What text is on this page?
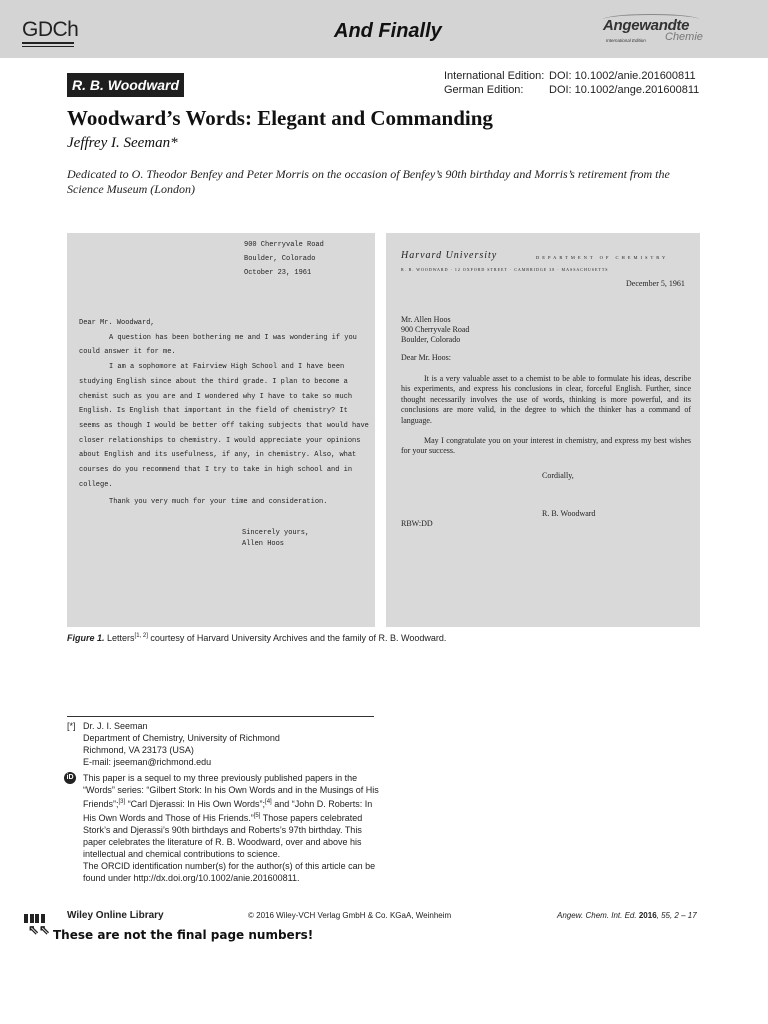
GDCh	And Finally	Angewandte
International Edition Chemie
R. B. Woodward
International Edition: DOI: 10.1002/anie.201600811
German Edition:	DOI: 10.1002/ange.201600811
Woodward’s Words: Elegant and Commanding
Jeffrey I. Seeman*
Dedicated to O. Theodor Benfey and Peter Morris on the occasion of Benfey’s 90th birthday and Morris’s retirement from the Science Museum (London)
900 Cherryvale Road
Boulder, Colorado
October 23, 1961

Dear Mr. Woodward,

A question has been bothering me and I was wondering if you could answer it for me.

I am a sophomore at Fairview High School and I have been studying English since about the third grade. I plan to become a chemist such as you are and I wondered why I have to take so much English. Is English that important in the field of chemistry? It seems as though I would be better off taking subjects that would have closer relationships to chemistry. I would appreciate your opinions about English and its usefulness, if any, in chemistry. Also, what courses do you recommend that I try to take in high school and in college.

Thank you very much for your time and consideration.

Sincerely yours,
Allen Hoos
Harvard University	DEPARTMENT OF CHEMISTRY
R. B. WOODWARD · 12 OXFORD STREET · CAMBRIDGE 38 · MASSACHUSETTS
December 5, 1961
Mr. Allen Hoos
900 Cherryvale Road
Boulder, Colorado
Dear Mr. Hoos:

It is a very valuable asset to a chemist to be able to formulate his ideas, describe his experiments, and express his conclusions in clear, forceful English. Further, since thought necessarily involves the use of words, thinking is more powerful, and its conclusions are more valid, in the degree to which the thinker has a command of language.

May I congratulate you on your interest in chemistry, and express my best wishes for your success.

Cordially,
R. B. Woodward
RBW:DD
Figure 1. Letters[1, 2] courtesy of Harvard University Archives and the family of R. B. Woodward.
[*] Dr. J. I. Seeman
Department of Chemistry, University of Richmond
Richmond, VA 23173 (USA)
E-mail: jseeman@richmond.edu
iD This paper is a sequel to my three previously published papers in the “Words” series: “Gilbert Stork: In his Own Words and in the Musings of His Friends”;[3] “Carl Djerassi: In His Own Words”;[4] and “John D. Roberts: In His Own Words and Those of His Friends.”[5] Those papers celebrated Stork’s and Djerassi’s 90th birthdays and Roberts’s 97th birthday. This paper celebrates the literature of R. B. Woodward, over and above his intellectual and chemical contributions to science.
The ORCID identification number(s) for the author(s) of this article can be found under http://dx.doi.org/10.1002/anie.201600811.
Wiley Online Library	© 2016 Wiley-VCH Verlag GmbH & Co. KGaA, Weinheim	Angew. Chem. Int. Ed. 2016, 55, 2 – 17
⇖⇖ These are not the final page numbers!
